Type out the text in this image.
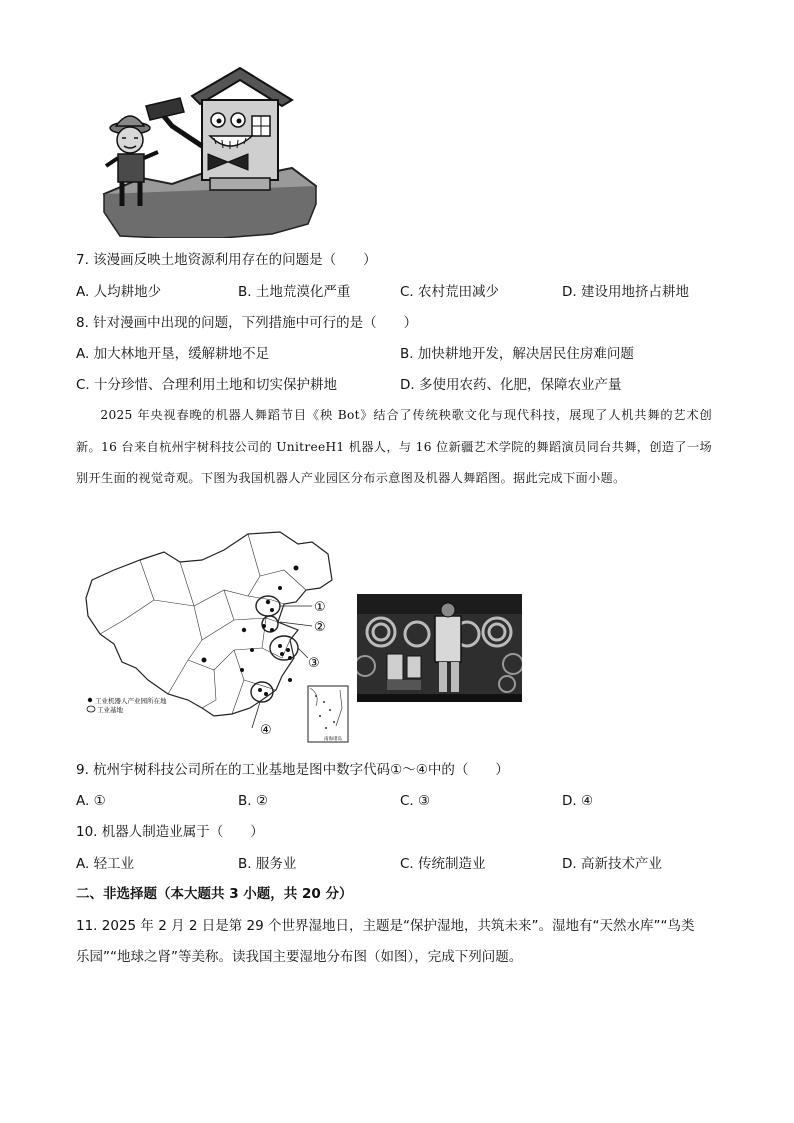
7. 该漫画反映土地资源利用存在的问题是（　　）
A. 人均耕地少	B. 土地荒漠化严重	C. 农村荒田减少	D. 建设用地挤占耕地
8. 针对漫画中出现的问题，下列措施中可行的是（　　）
A. 加大林地开垦，缓解耕地不足	B. 加快耕地开发，解决居民住房难问题
C. 十分珍惜、合理利用土地和切实保护耕地	D. 多使用农药、化肥，保障农业产量
2025 年央视春晚的机器人舞蹈节目《秧 Bot》结合了传统秧歌文化与现代科技，展现了人机共舞的艺术创新。16 台来自杭州宇树科技公司的 UnitreeH1 机器人，与 16 位新疆艺术学院的舞蹈演员同台共舞，创造了一场别开生面的视觉奇观。下图为我国机器人产业园区分布示意图及机器人舞蹈图。据此完成下面小题。
①
②
③
④
工业机器人产业园所在地
工业基地
南海诸岛
9. 杭州宇树科技公司所在的工业基地是图中数字代码①～④中的（　　）
A. ①	B. ②	C. ③	D. ④
10. 机器人制造业属于（　　）
A. 轻工业	B. 服务业	C. 传统制造业	D. 高新技术产业
二、非选择题（本大题共 3 小题，共 20 分）
11. 2025 年 2 月 2 日是第 29 个世界湿地日，主题是“保护湿地，共筑未来”。湿地有“天然水库”“鸟类
乐园”“地球之肾”等美称。读我国主要湿地分布图（如图），完成下列问题。
